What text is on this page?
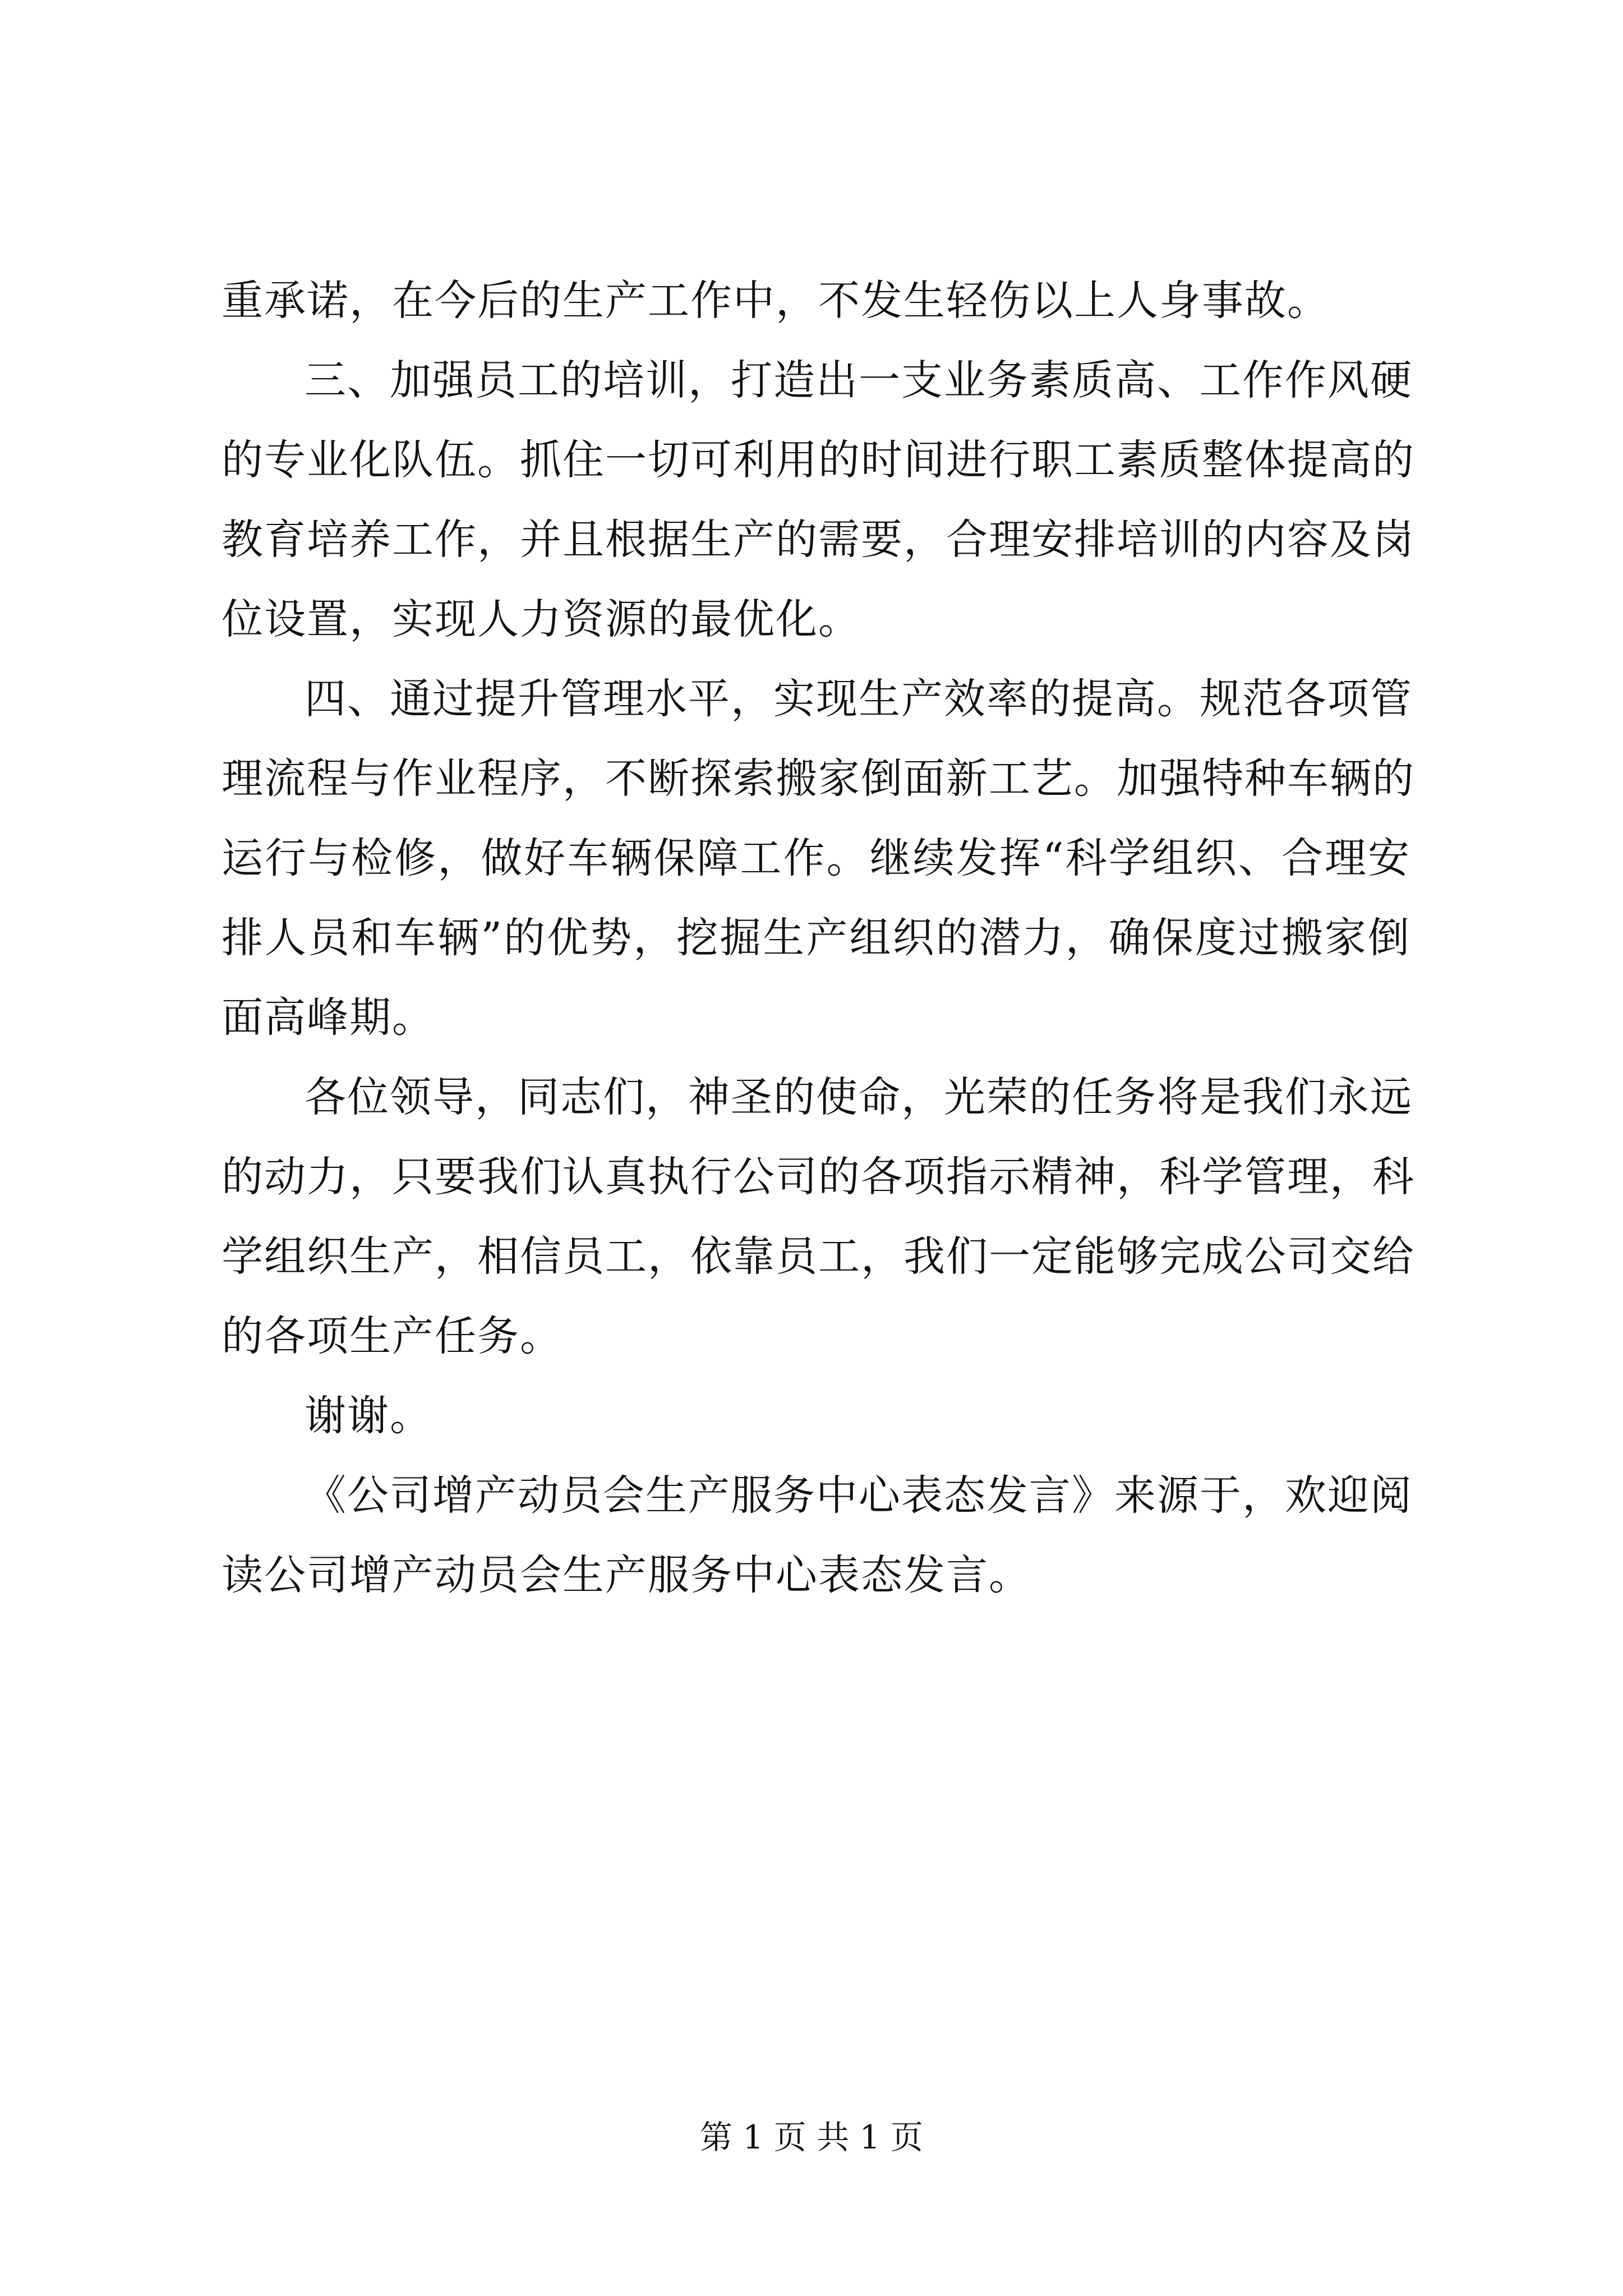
重承诺，在今后的生产工作中，不发生轻伤以上人身事故。
三、加强员工的培训，打造出一支业务素质高、工作作风硬
的专业化队伍。抓住一切可利用的时间进行职工素质整体提高的
教育培养工作，并且根据生产的需要，合理安排培训的内容及岗
位设置，实现人力资源的最优化。
四、通过提升管理水平，实现生产效率的提高。规范各项管
理流程与作业程序，不断探索搬家倒面新工艺。加强特种车辆的
运行与检修，做好车辆保障工作。继续发挥“科学组织、合理安
排人员和车辆”的优势，挖掘生产组织的潜力，确保度过搬家倒
面高峰期。
各位领导，同志们，神圣的使命，光荣的任务将是我们永远
的动力，只要我们认真执行公司的各项指示精神，科学管理，科
学组织生产，相信员工，依靠员工，我们一定能够完成公司交给
的各项生产任务。
谢谢。
《公司增产动员会生产服务中心表态发言》来源于，欢迎阅
读公司增产动员会生产服务中心表态发言。
第 1 页 共 1 页
